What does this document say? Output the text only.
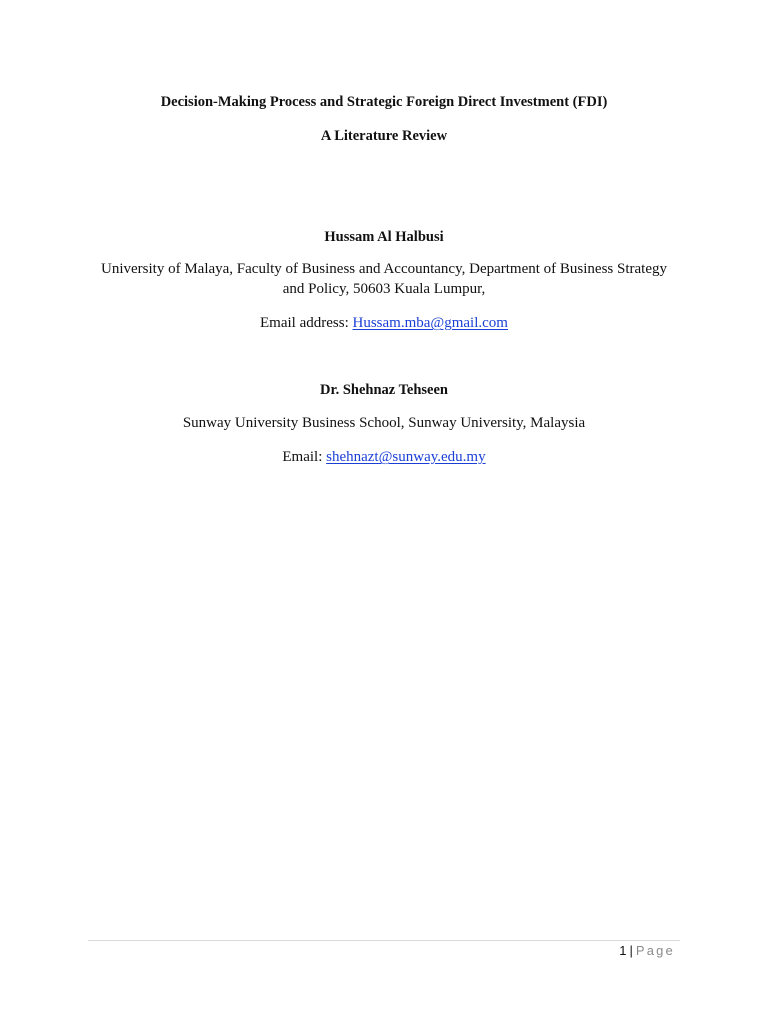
Decision-Making Process and Strategic Foreign Direct Investment (FDI)
A Literature Review
Hussam Al Halbusi
University of Malaya, Faculty of Business and Accountancy, Department of Business Strategy and Policy, 50603 Kuala Lumpur,
Email address: Hussam.mba@gmail.com
Dr. Shehnaz Tehseen
Sunway University Business School, Sunway University, Malaysia
Email: shehnazt@sunway.edu.my
1 | Page
